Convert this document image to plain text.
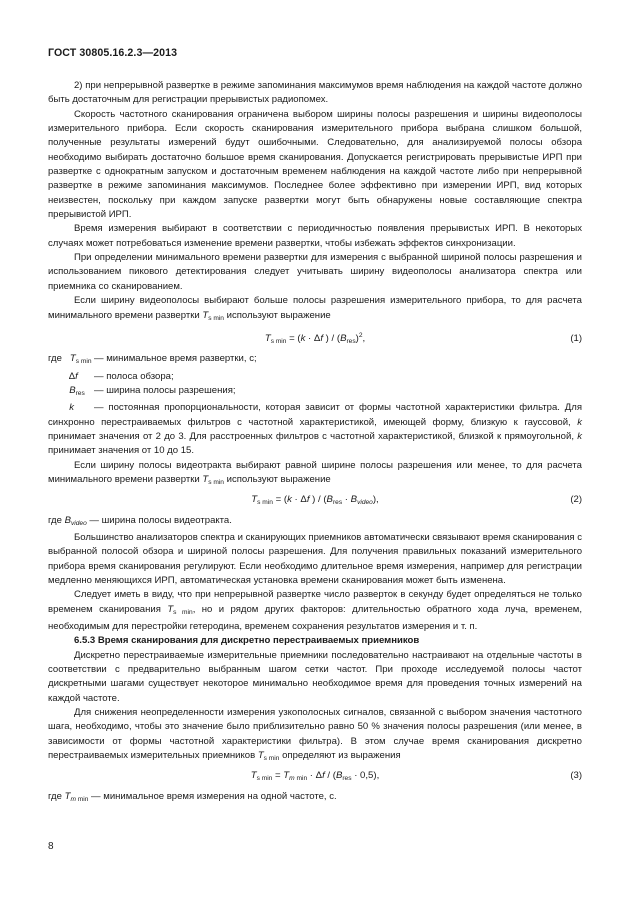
ГОСТ 30805.16.2.3—2013

2) при непрерывной развертке в режиме запоминания максимумов время наблюдения на каждой частоте должно быть достаточным для регистрации прерывистых радиопомех.

Скорость частотного сканирования ограничена выбором ширины полосы разрешения и ширины видеополосы измерительного прибора. Если скорость сканирования измерительного прибора выбрана слишком большой, полученные результаты измерений будут ошибочными. Следовательно, для анализируемой полосы обзора необходимо выбирать достаточно большое время сканирования. Допускается регистрировать прерывистые ИРП при развертке с однократным запуском и достаточным временем наблюдения на каждой частоте либо при непрерывной развертке в режиме запоминания максимумов. Последнее более эффективно при измерении ИРП, вид которых неизвестен, поскольку при каждом запуске развертки могут быть обнаружены новые составляющие спектра прерывистой ИРП.

Время измерения выбирают в соответствии с периодичностью появления прерывистых ИРП. В некоторых случаях может потребоваться изменение времени развертки, чтобы избежать эффектов синхронизации.

При определении минимального времени развертки для измерения с выбранной шириной полосы разрешения и использованием пикового детектирования следует учитывать ширину видеополосы анализатора спектра или приемника со сканированием.

Если ширину видеополосы выбирают больше полосы разрешения измерительного прибора, то для расчета минимального времени развертки $T_{s min}$ используют выражение

$T_{s min} = (k \cdot \Delta f$ ) / $(B_{res})^2$,	(1)
где $T_{s min}$ — минимальное время развертки, с;
Δf	— полоса обзора;
$B_{res}$ — ширина полосы разрешения;

k — постоянная пропорциональности, которая зависит от формы частотной характеристики фильтра. Для синхронно перестраиваемых фильтров с частотной характеристикой, имеющей форму, близкую к гауссовой, k принимает значения от 2 до 3. Для расстроенных фильтров с частотной характеристикой, близкой к прямоугольной, k принимает значения от 10 до 15.

Если ширину полосы видеотракта выбирают равной ширине полосы разрешения или менее, то для расчета минимального времени развертки $T_{s min}$ используют выражение

$T_{s min} = (k \cdot \Delta f$ ) / $(B_{res} \cdot B_{video})$,	(2)

где $B_{video}$ — ширина полосы видеотракта.

Большинство анализаторов спектра и сканирующих приемников автоматически связывают время сканирования с выбранной полосой обзора и шириной полосы разрешения. Для получения правильных показаний измерительного прибора время сканирования регулируют. Если необходимо длительное время измерения, например для регистрации медленно меняющихся ИРП, автоматическая установка времени сканирования может быть изменена.

Следует иметь в виду, что при непрерывной развертке число разверток в секунду будет определяться не только временем сканирования $T_{s min}$, но и рядом других факторов: длительностью обратного хода луча, временем, необходимым для перестройки гетеродина, временем сохранения результатов измерения и т. п.

6.5.3 Время сканирования для дискретно перестраиваемых приемников

Дискретно перестраиваемые измерительные приемники последовательно настраивают на отдельные частоты в соответствии с предварительно выбранным шагом сетки частот. При проходе исследуемой полосы частот дискретными шагами существует некоторое минимально необходимое время для проведения точных измерений на каждой частоте.

Для снижения неопределенности измерения узкополосных сигналов, связанной с выбором значения частотного шага, необходимо, чтобы это значение было приблизительно равно 50 % значения полосы разрешения (или менее, в зависимости от формы частотной характеристики фильтра). В этом случае время сканирования дискретно перестраиваемых измерительных приемников $T_{s min}$ определяют из выражения

$T_{s min} = T_{m min} \cdot \Delta f / (B_{res} \cdot 0,5)$,	(3)

где $T_{m min}$ — минимальное время измерения на одной частоте, с.

8
